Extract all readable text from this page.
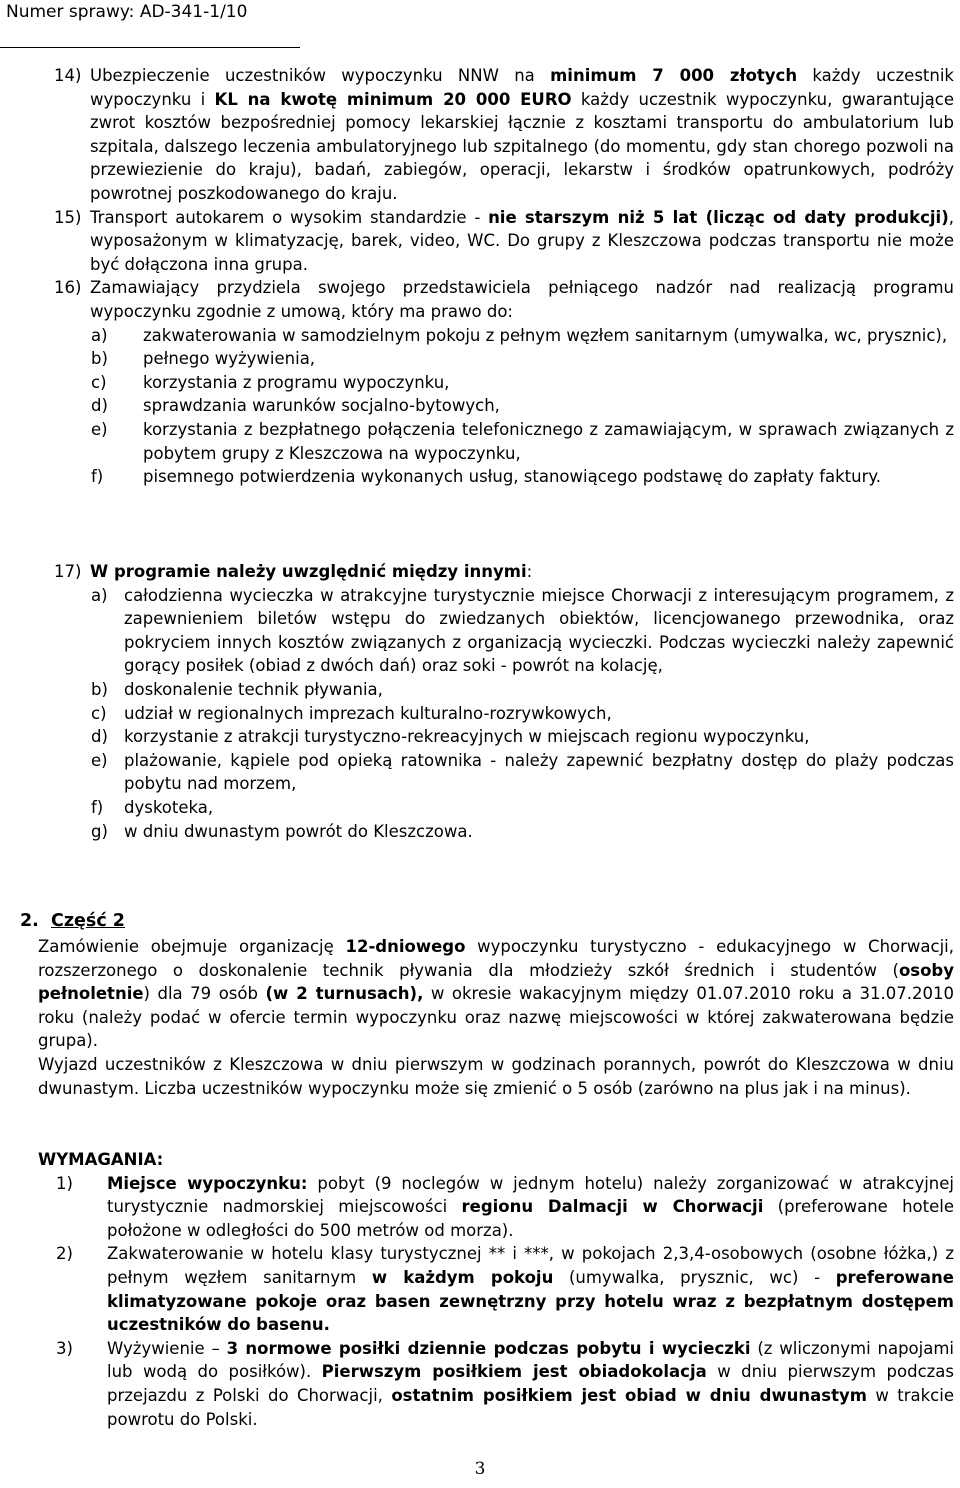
Numer sprawy: AD-341-1/10
14) Ubezpieczenie uczestników wypoczynku NNW na minimum 7 000 złotych każdy uczestnik wypoczynku i KL na kwotę minimum 20 000 EURO każdy uczestnik wypoczynku, gwarantujące zwrot kosztów bezpośredniej pomocy lekarskiej łącznie z kosztami transportu do ambulatorium lub szpitala, dalszego leczenia ambulatoryjnego lub szpitalnego (do momentu, gdy stan chorego pozwoli na przewiezienie do kraju), badań, zabiegów, operacji, lekarstw i środków opatrunkowych, podróży powrotnej poszkodowanego do kraju.
15) Transport autokarem o wysokim standardzie - nie starszym niż 5 lat (licząc od daty produkcji), wyposażonym w klimatyzację, barek, video, WC. Do grupy z Kleszczowa podczas transportu nie może być dołączona inna grupa.
16) Zamawiający przydziela swojego przedstawiciela pełniącego nadzór nad realizacją programu wypoczynku zgodnie z umową, który ma prawo do:
a) zakwaterowania w samodzielnym pokoju z pełnym węzłem sanitarnym (umywalka, wc, prysznic),
b) pełnego wyżywienia,
c) korzystania z programu wypoczynku,
d) sprawdzania warunków socjalno-bytowych,
e) korzystania z bezpłatnego połączenia telefonicznego z zamawiającym, w sprawach związanych z pobytem grupy z Kleszczowa na wypoczynku,
f) pisemnego potwierdzenia wykonanych usług, stanowiącego podstawę do zapłaty faktury.
17) W programie należy uwzględnić między innymi:
a) całodzienna wycieczka w atrakcyjne turystycznie miejsce Chorwacji z interesującym programem, z zapewnieniem biletów wstępu do zwiedzanych obiektów, licencjowanego przewodnika, oraz pokryciem innych kosztów związanych z organizacją wycieczki. Podczas wycieczki należy zapewnić gorący posiłek (obiad z dwóch dań) oraz soki - powrót na kolację,
b) doskonalenie technik pływania,
c) udział w regionalnych imprezach kulturalno-rozrywkowych,
d) korzystanie z atrakcji turystyczno-rekreacyjnych w miejscach regionu wypoczynku,
e) plażowanie, kąpiele pod opieką ratownika - należy zapewnić bezpłatny dostęp do plaży podczas pobytu nad morzem,
f) dyskoteka,
g) w dniu dwunastym powrót do Kleszczowa.
2. Część 2
Zamówienie obejmuje organizację 12-dniowego wypoczynku turystyczno - edukacyjnego w Chorwacji, rozszerzonego o doskonalenie technik pływania dla młodzieży szkół średnich i studentów (osoby pełnoletnie) dla 79 osób (w 2 turnusach), w okresie wakacyjnym między 01.07.2010 roku a 31.07.2010 roku (należy podać w ofercie termin wypoczynku oraz nazwę miejscowości w której zakwaterowana będzie grupa).
Wyjazd uczestników z Kleszczowa w dniu pierwszym w godzinach porannych, powrót do Kleszczowa w dniu dwunastym. Liczba uczestników wypoczynku może się zmienić o 5 osób (zarówno na plus jak i na minus).
WYMAGANIA:
1) Miejsce wypoczynku: pobyt (9 noclegów w jednym hotelu) należy zorganizować w atrakcyjnej turystycznie nadmorskiej miejscowości regionu Dalmacji w Chorwacji (preferowane hotele położone w odległości do 500 metrów od morza).
2) Zakwaterowanie w hotelu klasy turystycznej ** i ***, w pokojach 2,3,4-osobowych (osobne łóżka,) z pełnym węzłem sanitarnym w każdym pokoju (umywalka, prysznic, wc) - preferowane klimatyzowane pokoje oraz basen zewnętrzny przy hotelu wraz z bezpłatnym dostępem uczestników do basenu.
3) Wyżywienie – 3 normowe posiłki dziennie podczas pobytu i wycieczki (z wliczonymi napojami lub wodą do posiłków). Pierwszym posiłkiem jest obiadokolacja w dniu pierwszym podczas przejazdu z Polski do Chorwacji, ostatnim posiłkiem jest obiad w dniu dwunastym w trakcie powrotu do Polski.
3
